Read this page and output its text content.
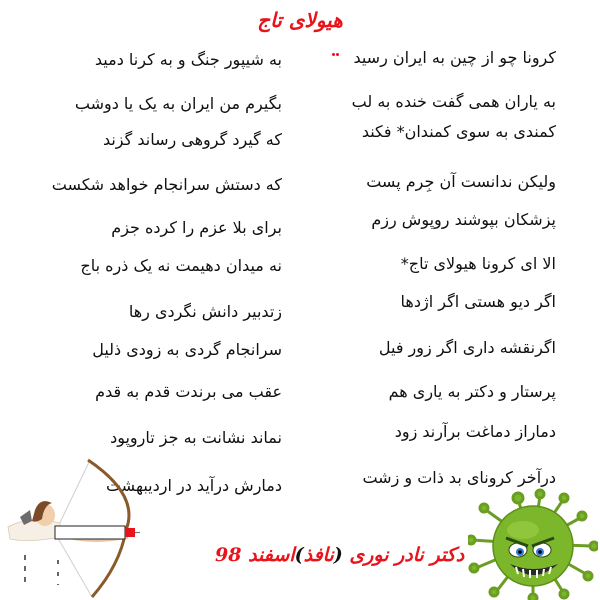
هیولای تاج
کرونا چو از چین به ایران رسید
به یاران همی گفت خنده به لب
کمندی به سوی کمندان* فکند
ولیکن ندانست آن جِرم پست
پزشکان بپوشند روپوش رزم
الا ای کرونا هیولای تاج*
اگر دیو هستی اگر اژدها
اگرنقشه داری اگر زور فیل
پرستار و دکتر به یاری هم
دماراز دماغت برآرند زود
درآخر کرونای بد ذات و زشت
به شیپور جنگ و به کرنا دمید
بگیرم من ایران به یک یا دوشب
که گیرد گروهی رساند گزند
که دستش سرانجام خواهد شکست
برای بلا عزم را کرده جزم
نه میدان دهیمت نه یک ذره باج
زتدبیر دانش نگردی رها
سرانجام گردی به زودی ذلیل
عقب می برندت قدم به قدم
نماند نشانت به جز تاروپود
دمارش درآید در اردیبهشت
دکتر نادر نوری (نافذ)اسفند 98
